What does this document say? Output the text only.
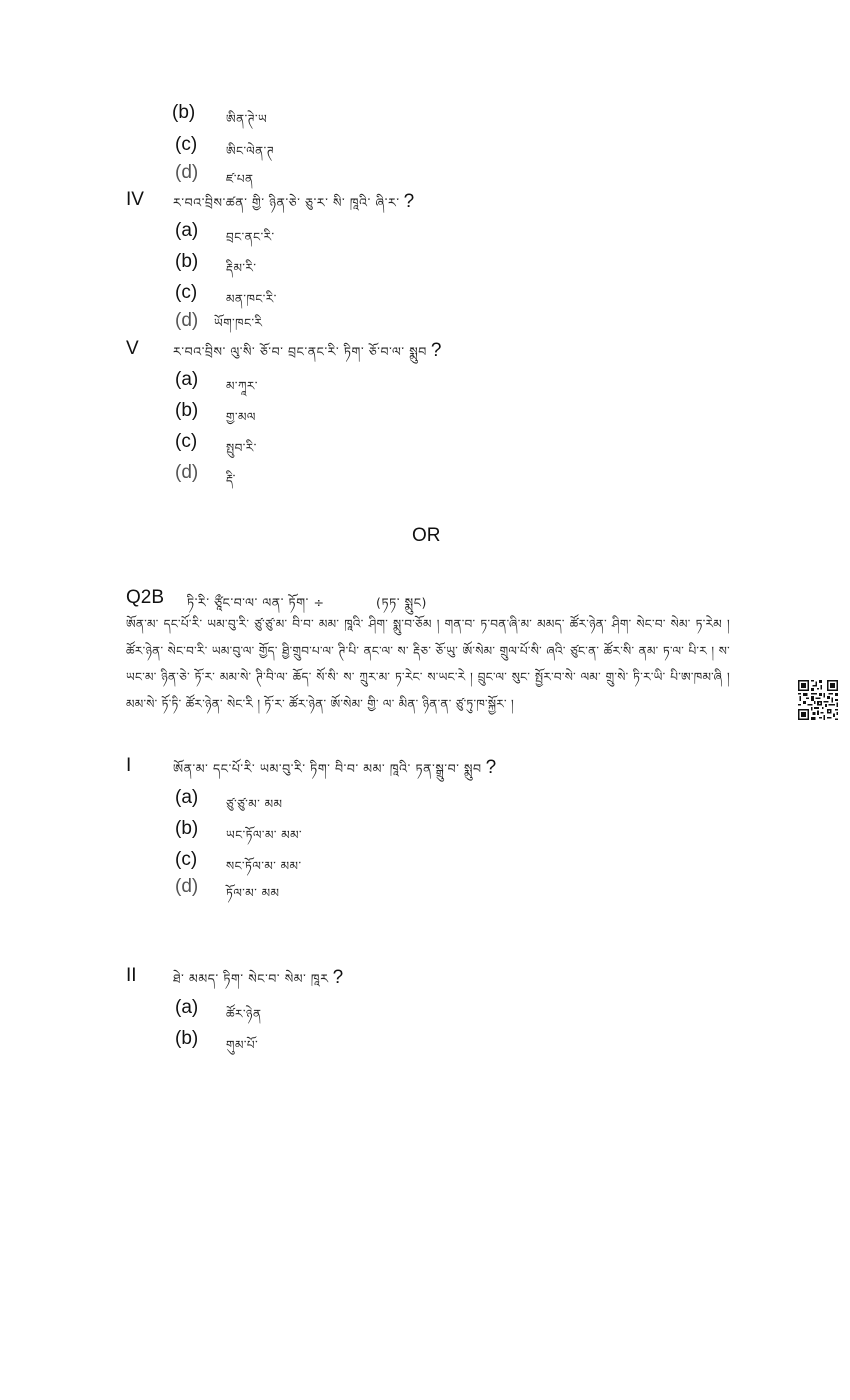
(b)	ཨིན་ཊེ་ཡ
(c) ཨིང་ལེན་ཊ
(d) ཛ་པན
IV ར་བའ་བྲིས་ཚན་ གྱི་ ཉིན་ཅེ་ ཅུ་ར་ སི་ ཁཱའི་ ཞི་ཪ་ ?
(a) བྲང་ནང་རི་
(b) རྡིམ་རི་
(c) མན་ཁང་རི་
(d) ཡོག་ཁང་རི
V	ར་བའ་བྲིས་ ལུ་སི་ ཅོ་བ་ བྲང་ནང་རི་ ཏིག་ ཅོ་བ་ལ་ སྨུབ ?
(a) མ་ཀཱར་
(b) གྱ་མལ
(c) སྤུབ་རི་
(d) རྡི་
OR
Q2B ཏི་རི་ ཙཱྀང་བ་ལ་ ལན་ ཏོག་ ÷	(ཏཏ་ སྨུང)
ཨོན་མ་ དང་པོ་རི་ ཡམ་བུ་རི་ ཙུ་ཙུ་མ་ བི་བ་ མམ་ ཁཱའི་ ཤིག་ སྨུ་བ་ཅོམ ། གན་བ་ ཏ་བན་ཞི་མ་ མམད་ ཚོར་ཉེན་ ཤིག་ སེང་བ་ སེམ་ ཏ་ཪེམ ། ཚོར་ཉེན་ སེང་བ་རི་ ཡམ་བུ་ལ་ གྱོད་ ཐྱི་གྲུབ་པ་ལ་ ཊི་པི་ ནང་ལ་ ས་ རྡིཅ་ ཅོ་ཡུ་ ཨོ་སེམ་ གྲུལ་པོ་སི་ ཞའི་ ཙུང་ན་ ཚོར་སི་ ནམ་ ཏ་ལ་ པི་ཪ ། ས་ ཡང་མ་ ཉིན་ཅེ་ ཏོ་ཪ་ མམ་སེ་ ཊི་བི་ལ་ ཆོད་ སོ་སི་ ས་ ཀྲུར་མ་ ཏ་ཪེང་ ས་ཡང་ཪེ ། བྲུང་ལ་ སུང་ སྤྱོར་བ་སེ་ ལམ་ གྲུ་སེ་ ཏི་ཪ་ཡི་ པི་ཨ་ཁམ་ཞི ། མམ་སེ་ ཏོ་ཏི་ ཚོར་ཉེན་ སེང་ཪི ། ཏོ་ཪ་ ཚོར་ཉེན་ ཨོ་སེམ་ གྱི་ ལ་ མིན་ ཉིན་ན་ ཙུ་ཏུ་ཁ་སྐྱོར་ །
I	ཨོན་མ་ དང་པོ་རི་ ཡམ་བུ་རི་ ཏིག་ བི་བ་ མམ་ ཁཱའི་ ཏན་སྒྲུ་བ་ སྨུབ ?
(a) ཙུ་ཙུ་མ་ མམ
(b) ཡང་ཏོལ་མ་ མམ་
(c) སང་ཏོལ་མ་ མམ་
(d) ཏོལ་མ་ མམ
II	ཐེ་ མམད་ ཏིག་ སེང་བ་ སེམ་ ཁཱཪ ?
(a) ཚོར་ཉེན
(b) གུམ་པོ་
